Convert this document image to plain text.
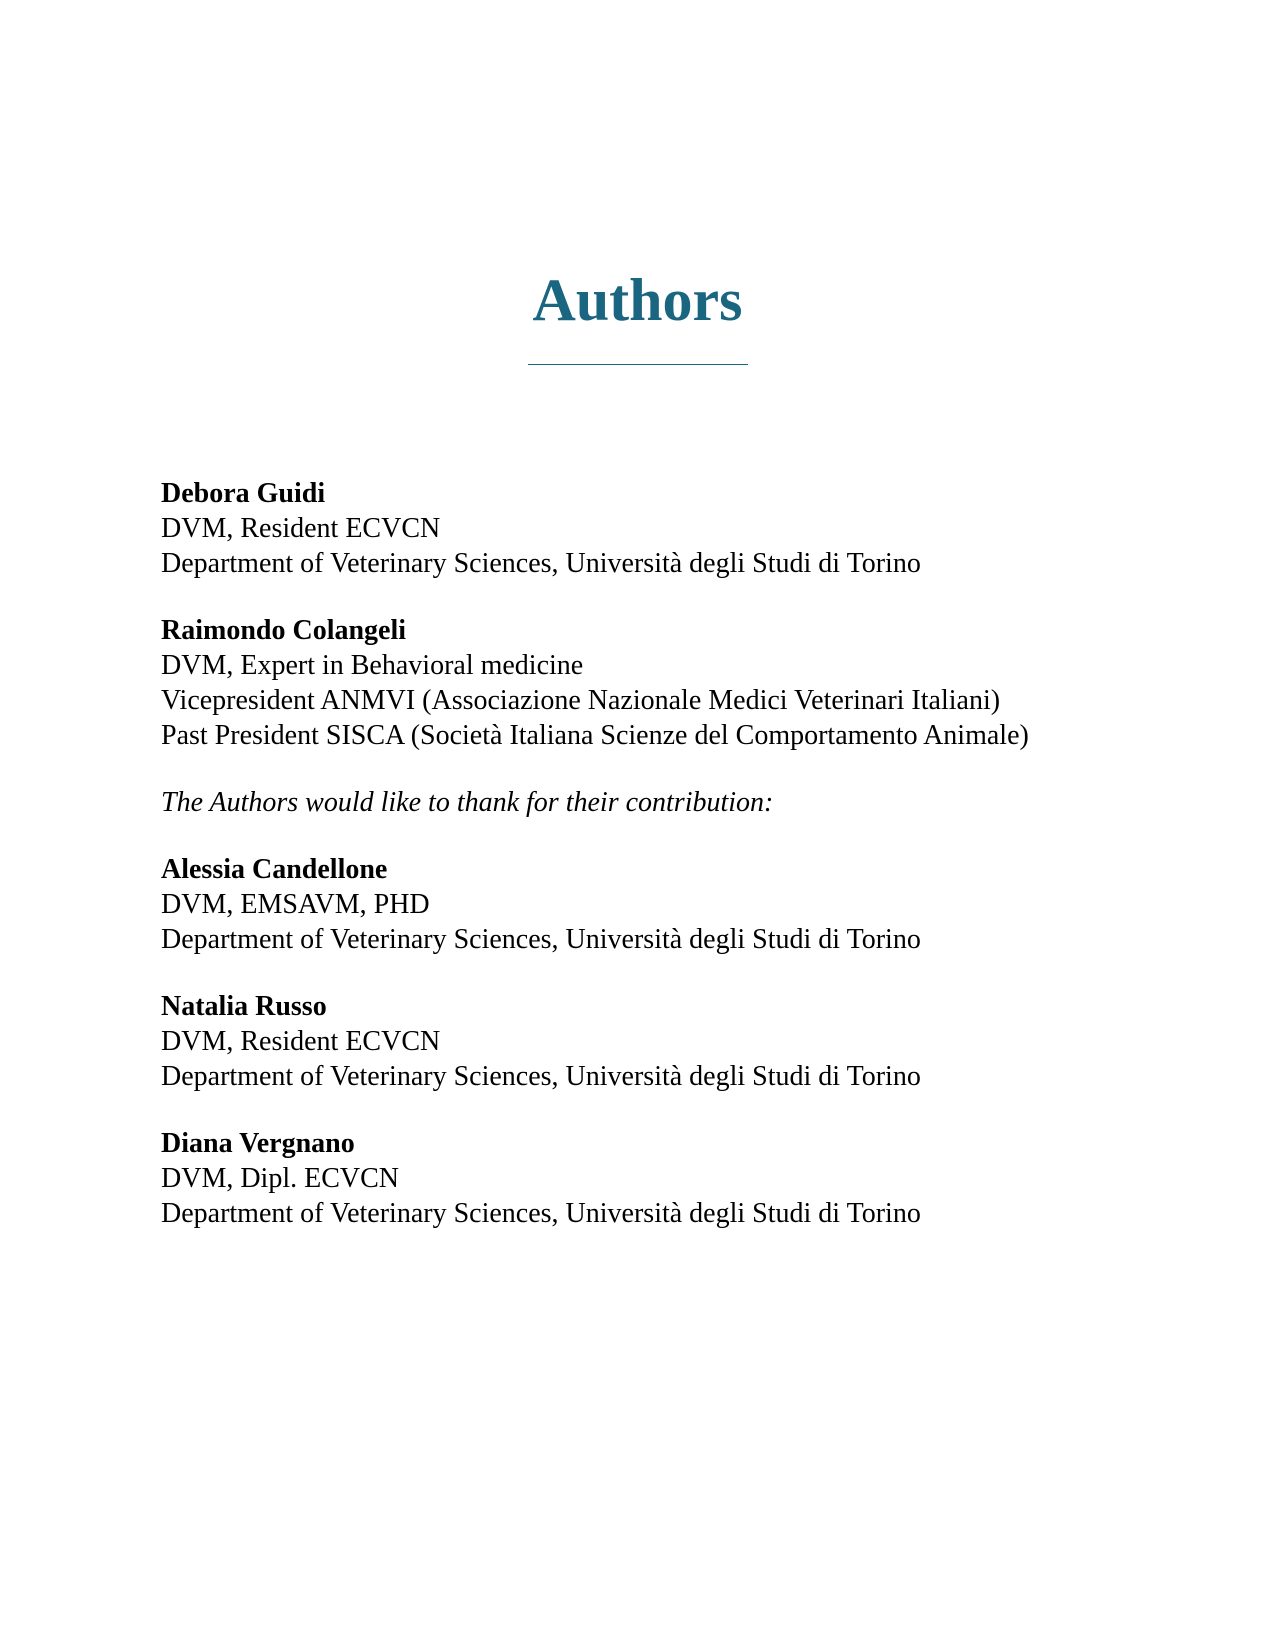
Authors
Debora Guidi
DVM, Resident ECVCN
Department of Veterinary Sciences, Università degli Studi di Torino
Raimondo Colangeli
DVM, Expert in Behavioral medicine
Vicepresident ANMVI (Associazione Nazionale Medici Veterinari Italiani)
Past President SISCA (Società Italiana Scienze del Comportamento Animale)

The Authors would like to thank for their contribution:

Alessia Candellone
DVM, EMSAVM, PHD
Department of Veterinary Sciences, Università degli Studi di Torino
Natalia Russo
DVM, Resident ECVCN
Department of Veterinary Sciences, Università degli Studi di Torino
Diana Vergnano
DVM, Dipl. ECVCN
Department of Veterinary Sciences, Università degli Studi di Torino
